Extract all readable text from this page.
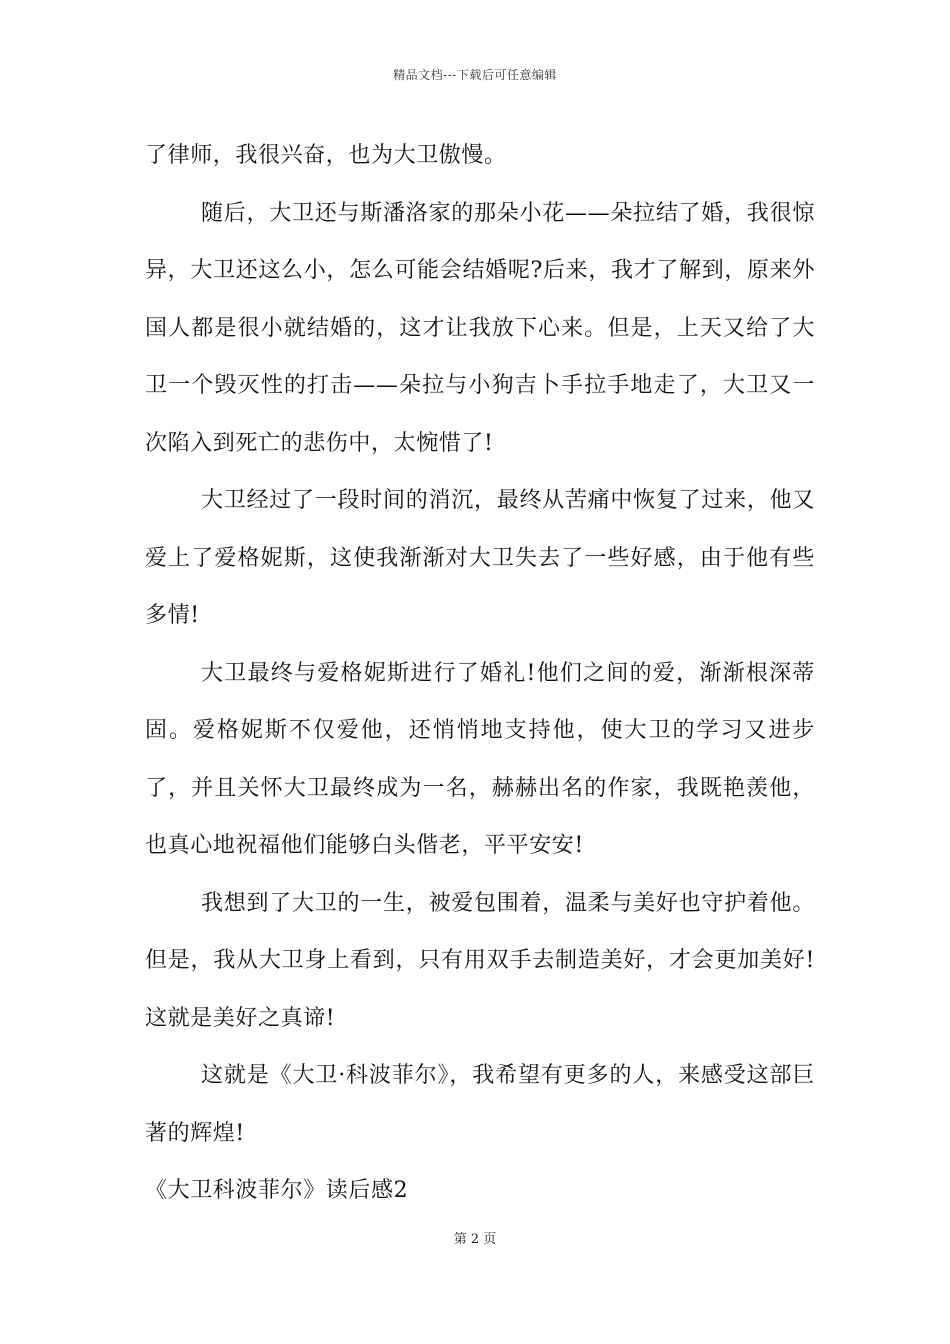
精品文档---下载后可任意编辑

了律师，我很兴奋，也为大卫傲慢。

随后，大卫还与斯潘洛家的那朵小花——朵拉结了婚，我很惊异，大卫还这么小，怎么可能会结婚呢?后来，我才了解到，原来外国人都是很小就结婚的，这才让我放下心来。但是，上天又给了大卫一个毁灭性的打击——朵拉与小狗吉卜手拉手地走了，大卫又一次陷入到死亡的悲伤中，太惋惜了!

大卫经过了一段时间的消沉，最终从苦痛中恢复了过来，他又爱上了爱格妮斯，这使我渐渐对大卫失去了一些好感，由于他有些多情!

大卫最终与爱格妮斯进行了婚礼!他们之间的爱，渐渐根深蒂固。爱格妮斯不仅爱他，还悄悄地支持他，使大卫的学习又进步了，并且关怀大卫最终成为一名，赫赫出名的作家，我既艳羡他，也真心地祝福他们能够白头偕老，平平安安!

我想到了大卫的一生，被爱包围着，温柔与美好也守护着他。但是，我从大卫身上看到，只有用双手去制造美好，才会更加美好!这就是美好之真谛!

这就是《大卫·科波菲尔》，我希望有更多的人，来感受这部巨著的辉煌!

《大卫科波菲尔》读后感2

第 2 页
